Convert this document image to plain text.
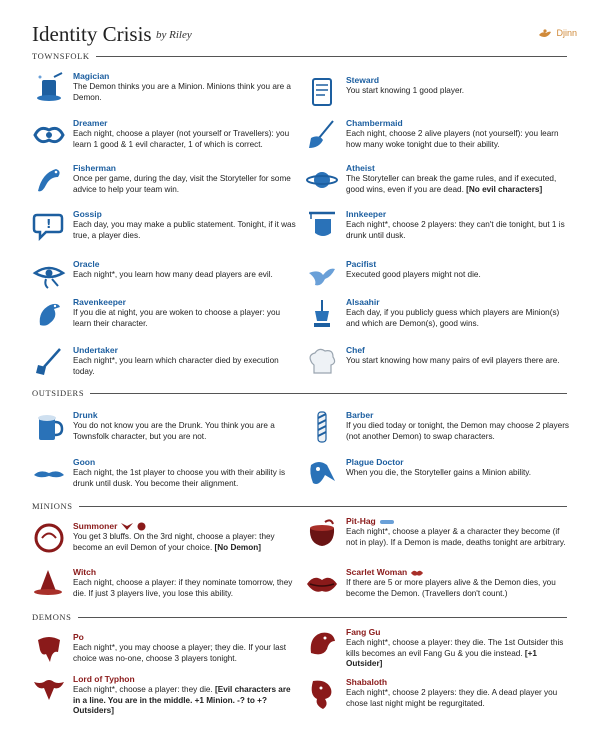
Identity Crisis by Riley	Djinn
TOWNSFOLK
Magician
The Demon thinks you are a Minion. Minions think you are a Demon.
Dreamer
Each night, choose a player (not yourself or Travellers): you learn 1 good & 1 evil character, 1 of which is correct.
Fisherman
Once per game, during the day, visit the Storyteller for some advice to help your team win.
!
Gossip
Each day, you may make a public statement. Tonight, if it was true, a player dies.
Oracle
Each night*, you learn how many dead players are evil.
Ravenkeeper
If you die at night, you are woken to choose a player: you learn their character.
Undertaker
Each night*, you learn which character died by execution today.
Steward
You start knowing 1 good player.
Chambermaid
Each night, choose 2 alive players (not yourself): you learn how many woke tonight due to their ability.
Atheist
The Storyteller can break the game rules, and if executed, good wins, even if you are dead. [No evil characters]
Innkeeper
Each night*, choose 2 players: they can't die tonight, but 1 is drunk until dusk.
Pacifist
Executed good players might not die.
Alsaahir
Each day, if you publicly guess which players are Minion(s) and which are Demon(s), good wins.
Chef
You start knowing how many pairs of evil players there are.
OUTSIDERS
Drunk
You do not know you are the Drunk. You think you are a Townsfolk character, but you are not.
Goon
Each night, the 1st player to choose you with their ability is drunk until dusk. You become their alignment.
Barber
If you died today or tonight, the Demon may choose 2 players (not another Demon) to swap characters.
Plague Doctor
When you die, the Storyteller gains a Minion ability.
MINIONS
Summoner
You get 3 bluffs. On the 3rd night, choose a player: they become an evil Demon of your choice. [No Demon]
Witch
Each night, choose a player: if they nominate tomorrow, they die. If just 3 players live, you lose this ability.
Pit-Hag
Each night*, choose a player & a character they become (if not in play). If a Demon is made, deaths tonight are arbitrary.
Scarlet Woman
If there are 5 or more players alive & the Demon dies, you become the Demon. (Travellers don't count.)
DEMONS
Po
Each night*, you may choose a player; they die. If your last choice was no-one, choose 3 players tonight.
Lord of Typhon
Each night*, choose a player: they die. [Evil characters are in a line. You are in the middle. +1 Minion. -? to +? Outsiders]
Fang Gu
Each night*, choose a player: they die. The 1st Outsider this kills becomes an evil Fang Gu & you die instead. [+1 Outsider]
Shabaloth
Each night*, choose 2 players: they die. A dead player you chose last night might be regurgitated.
